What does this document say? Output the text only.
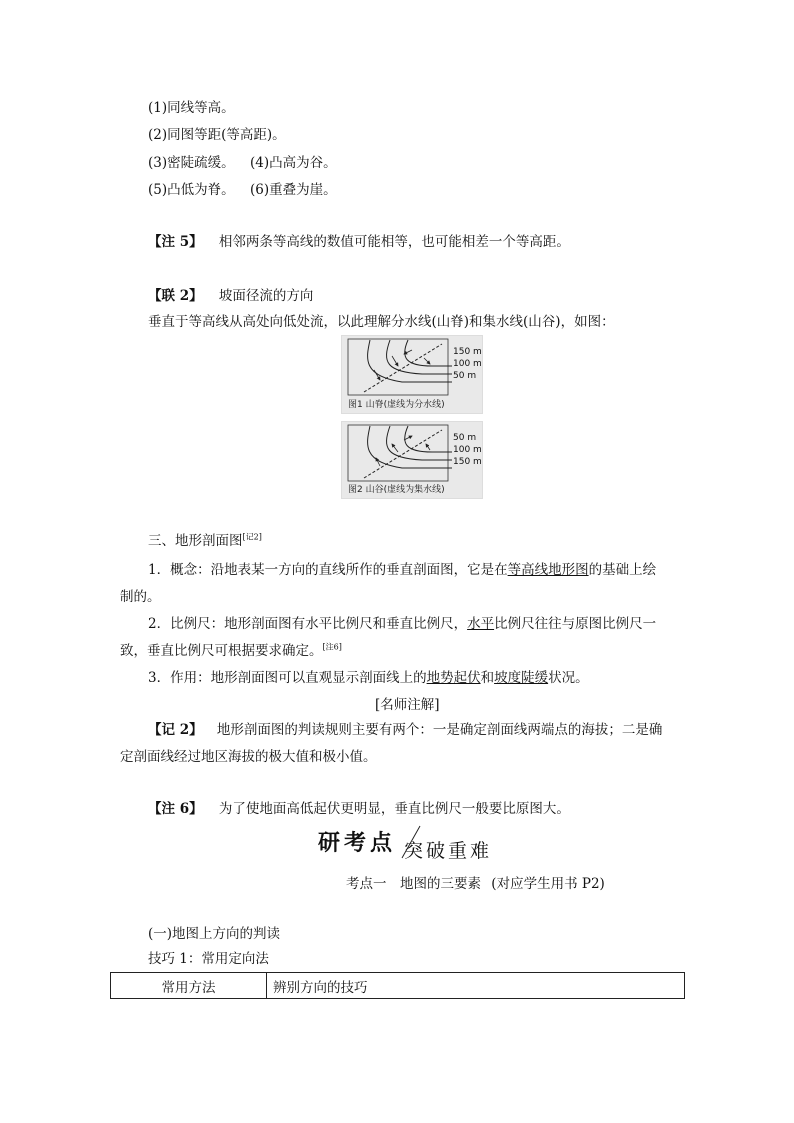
(1)同线等高。
(2)同图等距(等高距)。
(3)密陡疏缓。 (4)凸高为谷。
(5)凸低为脊。 (6)重叠为崖。
【注 5】 相邻两条等高线的数值可能相等，也可能相差一个等高距。
【联 2】 坡面径流的方向
垂直于等高线从高处向低处流，以此理解分水线(山脊)和集水线(山谷)，如图：
150 m
100 m
50 m
图1 山脊(虚线为分水线)
50 m
100 m
150 m
图2 山谷(虚线为集水线)
三、地形剖面图[记2]
1．概念：沿地表某一方向的直线所作的垂直剖面图，它是在等高线地形图的基础上绘
制的。
2．比例尺：地形剖面图有水平比例尺和垂直比例尺，水平比例尺往往与原图比例尺一
致，垂直比例尺可根据要求确定。[注6]
3．作用：地形剖面图可以直观显示剖面线上的地势起伏和坡度陡缓状况。
[名师注解]
【记 2】 地形剖面图的判读规则主要有两个：一是确定剖面线两端点的海拔；二是确
定剖面线经过地区海拔的极大值和极小值。
【注 6】 为了使地面高低起伏更明显，垂直比例尺一般要比原图大。
研考点 突破重难
考点一　地图的三要素 (对应学生用书 P2)
(一)地图上方向的判读
技巧 1：常用定向法
常用方法	辨别方向的技巧
